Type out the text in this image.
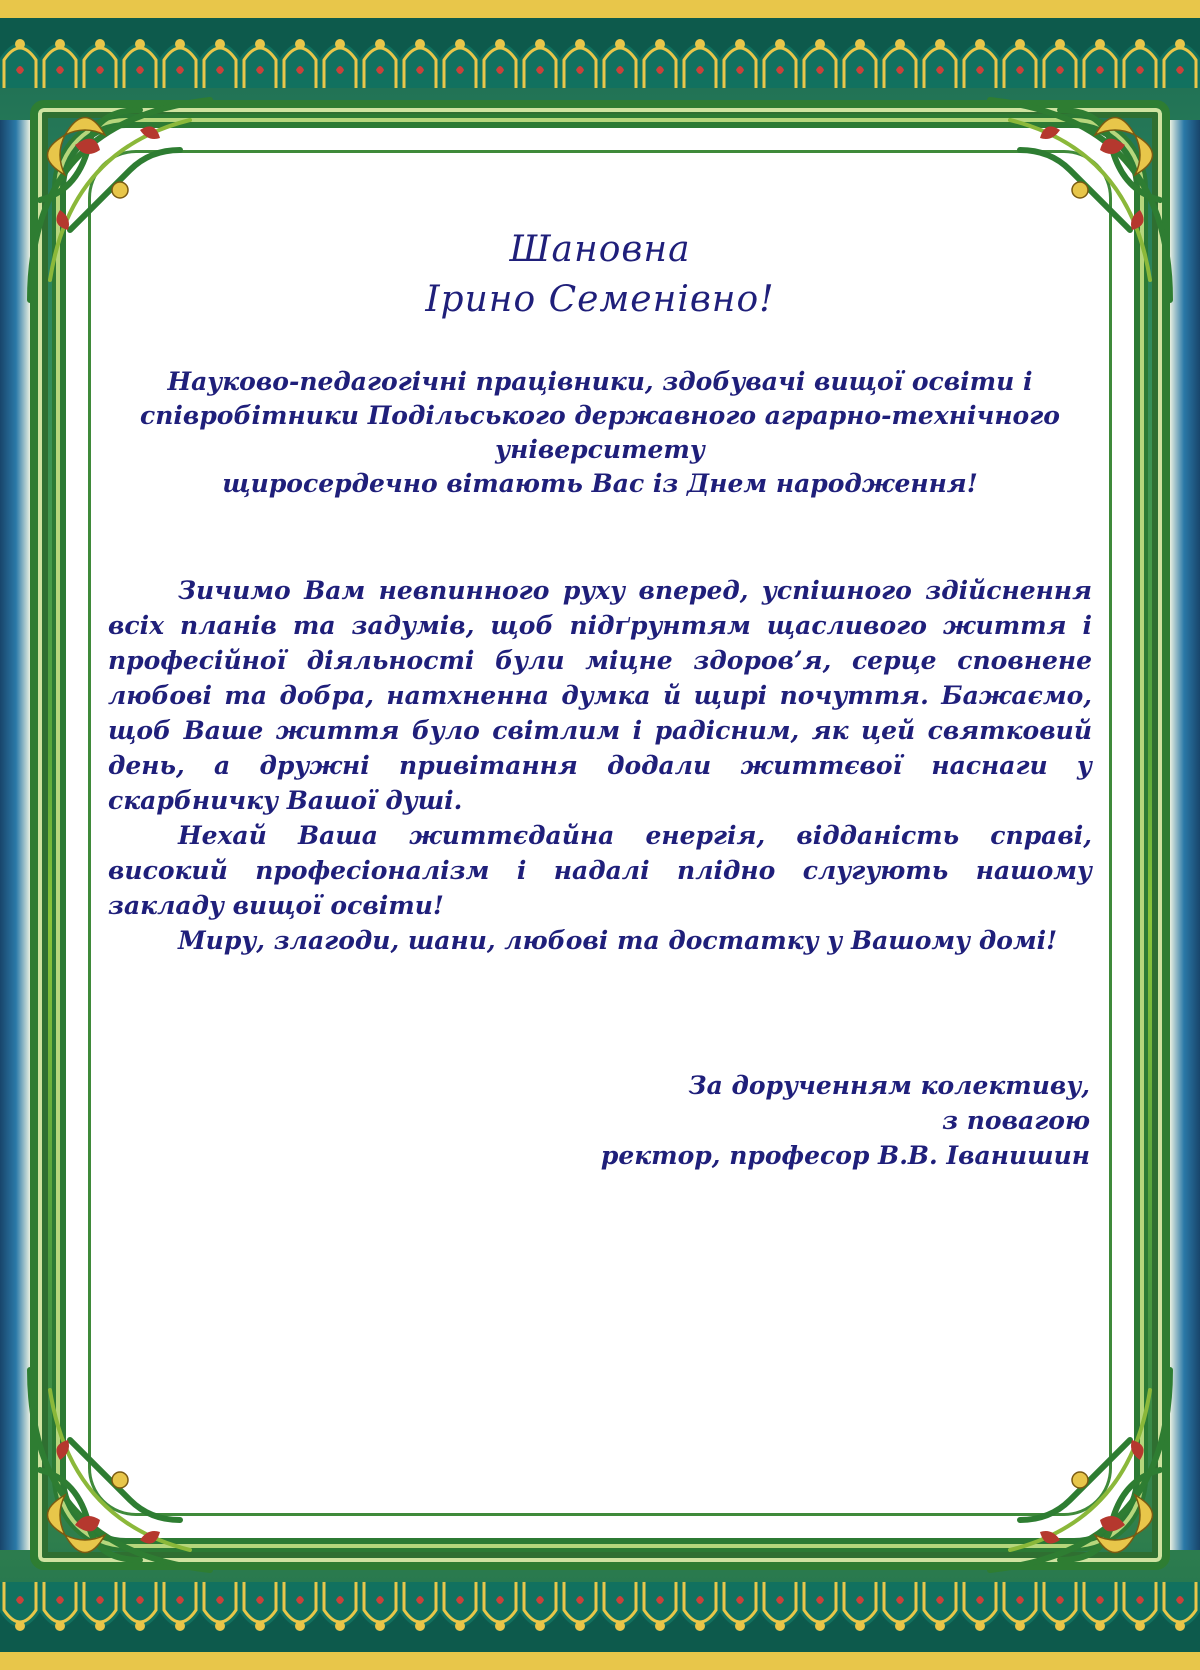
Шановна
Ірино Семенівно!
Науково-педагогічні працівники, здобувачі вищої освіти і
співробітники Подільського державного аграрно-технічного
університету
щиросердечно вітають Вас із Днем народження!

Зичимо Вам невпинного руху вперед, успішного здійснення всіх планів та задумів, щоб підґрунтям щасливого життя і професійної діяльності були міцне здоров’я, серце сповнене любові та добра, натхненна думка й щирі почуття. Бажаємо, щоб Ваше життя було світлим і радісним, як цей святковий день, а дружні привітання додали життєвої наснаги у скарбничку Вашої душі.

Нехай Ваша життєдайна енергія, відданість справі, високий професіоналізм і надалі плідно слугують нашому закладу вищої освіти!

Миру, злагоди, шани, любові та достатку у Вашому домі!

За дорученням колективу,
з повагою
ректор, професор В.В. Іванишин
